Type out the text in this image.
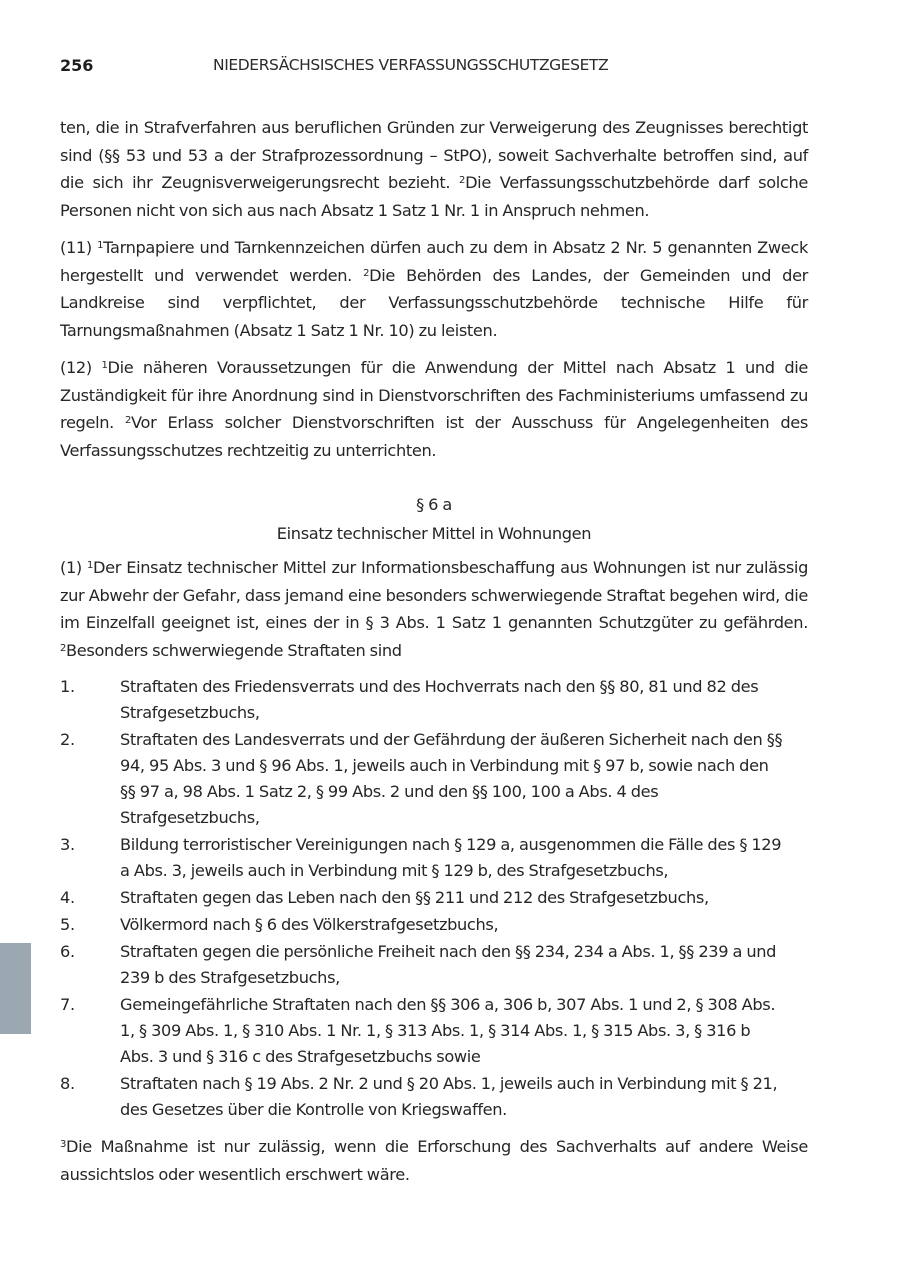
256	NIEDERSÄCHSISCHES VERFASSUNGSSCHUTZGESETZ

ten, die in Strafverfahren aus beruflichen Gründen zur Verweigerung des Zeugnisses berechtigt sind (§§ 53 und 53 a der Strafprozessordnung – StPO), soweit Sachverhalte betroffen sind, auf die sich ihr Zeugnisverweigerungsrecht bezieht. $^2$Die Verfassungsschutzbehörde darf solche Personen nicht von sich aus nach Absatz 1 Satz 1 Nr. 1 in Anspruch nehmen.

(11) $^1$Tarnpapiere und Tarnkennzeichen dürfen auch zu dem in Absatz 2 Nr. 5 genannten Zweck hergestellt und verwendet werden. $^2$Die Behörden des Landes, der Gemeinden und der Landkreise sind verpflichtet, der Verfassungsschutzbehörde technische Hilfe für Tarnungsmaßnahmen (Absatz 1 Satz 1 Nr. 10) zu leisten.

(12) $^1$Die näheren Voraussetzungen für die Anwendung der Mittel nach Absatz 1 und die Zuständigkeit für ihre Anordnung sind in Dienstvorschriften des Fachministeriums umfassend zu regeln. $^2$Vor Erlass solcher Dienstvorschriften ist der Ausschuss für Angelegenheiten des Verfassungsschutzes rechtzeitig zu unterrichten.

§ 6 a
Einsatz technischer Mittel in Wohnungen

(1) $^1$Der Einsatz technischer Mittel zur Informationsbeschaffung aus Wohnungen ist nur zulässig zur Abwehr der Gefahr, dass jemand eine besonders schwerwiegende Straftat begehen wird, die im Einzelfall geeignet ist, eines der in § 3 Abs. 1 Satz 1 genannten Schutzgüter zu gefährden. $^2$Besonders schwerwiegende Straftaten sind

1.	Straftaten des Friedensverrats und des Hochverrats nach den §§ 80, 81 und 82 des Strafgesetzbuchs,
2.	Straftaten des Landesverrats und der Gefährdung der äußeren Sicherheit nach den §§ 94, 95 Abs. 3 und § 96 Abs. 1, jeweils auch in Verbindung mit § 97 b, sowie nach den §§ 97 a, 98 Abs. 1 Satz 2, § 99 Abs. 2 und den §§ 100, 100 a Abs. 4 des Strafgesetzbuchs,
3.	Bildung terroristischer Vereinigungen nach § 129 a, ausgenommen die Fälle des § 129 a Abs. 3, jeweils auch in Verbindung mit § 129 b, des Strafgesetzbuchs,
4.	Straftaten gegen das Leben nach den §§ 211 und 212 des Strafgesetzbuchs,
5.	Völkermord nach § 6 des Völkerstrafgesetzbuchs,
6.	Straftaten gegen die persönliche Freiheit nach den §§ 234, 234 a Abs. 1, §§ 239 a und 239 b des Strafgesetzbuchs,
7.	Gemeingefährliche Straftaten nach den §§ 306 a, 306 b, 307 Abs. 1 und 2, § 308 Abs. 1, § 309 Abs. 1, § 310 Abs. 1 Nr. 1, § 313 Abs. 1, § 314 Abs. 1, § 315 Abs. 3, § 316 b Abs. 3 und § 316 c des Strafgesetzbuchs sowie
8.	Straftaten nach § 19 Abs. 2 Nr. 2 und § 20 Abs. 1, jeweils auch in Verbindung mit § 21, des Gesetzes über die Kontrolle von Kriegswaffen.

$^3$Die Maßnahme ist nur zulässig, wenn die Erforschung des Sachverhalts auf andere Weise aussichtslos oder wesentlich erschwert wäre.
